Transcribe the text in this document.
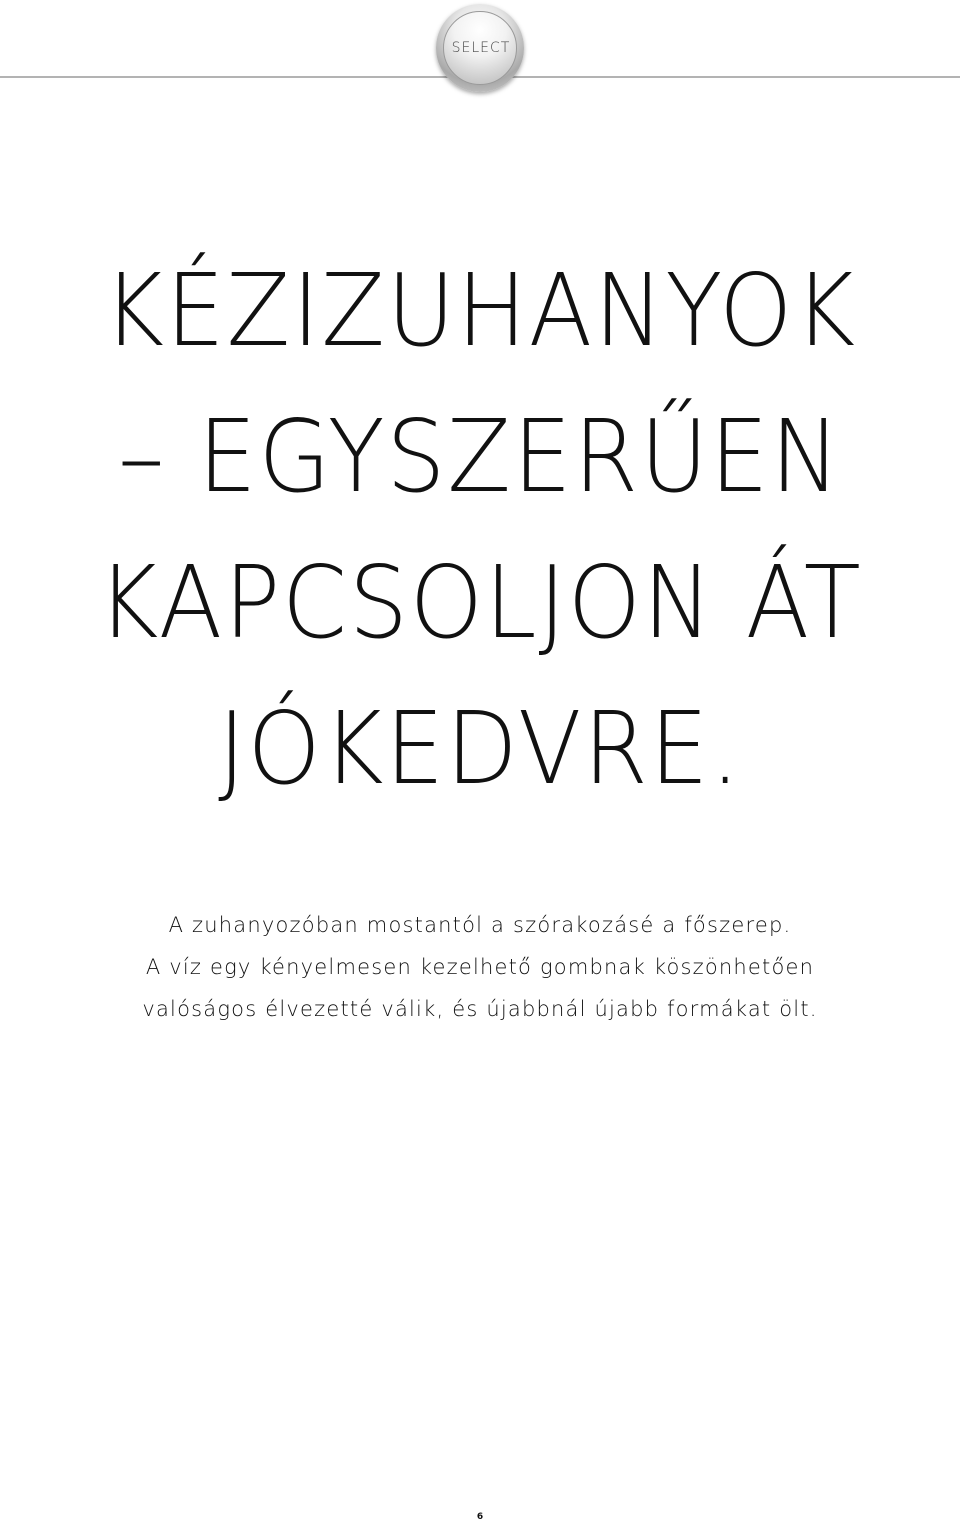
SELECT
KÉZIZUHANYOK
– EGYSZERŰEN
KAPCSOLJON ÁT
JÓKEDVRE.

A zuhanyozóban mostantól a szórakozásé a főszerep.
A víz egy kényelmesen kezelhető gombnak köszönhetően
valóságos élvezetté válik, és újabbnál újabb formákat ölt.

6
